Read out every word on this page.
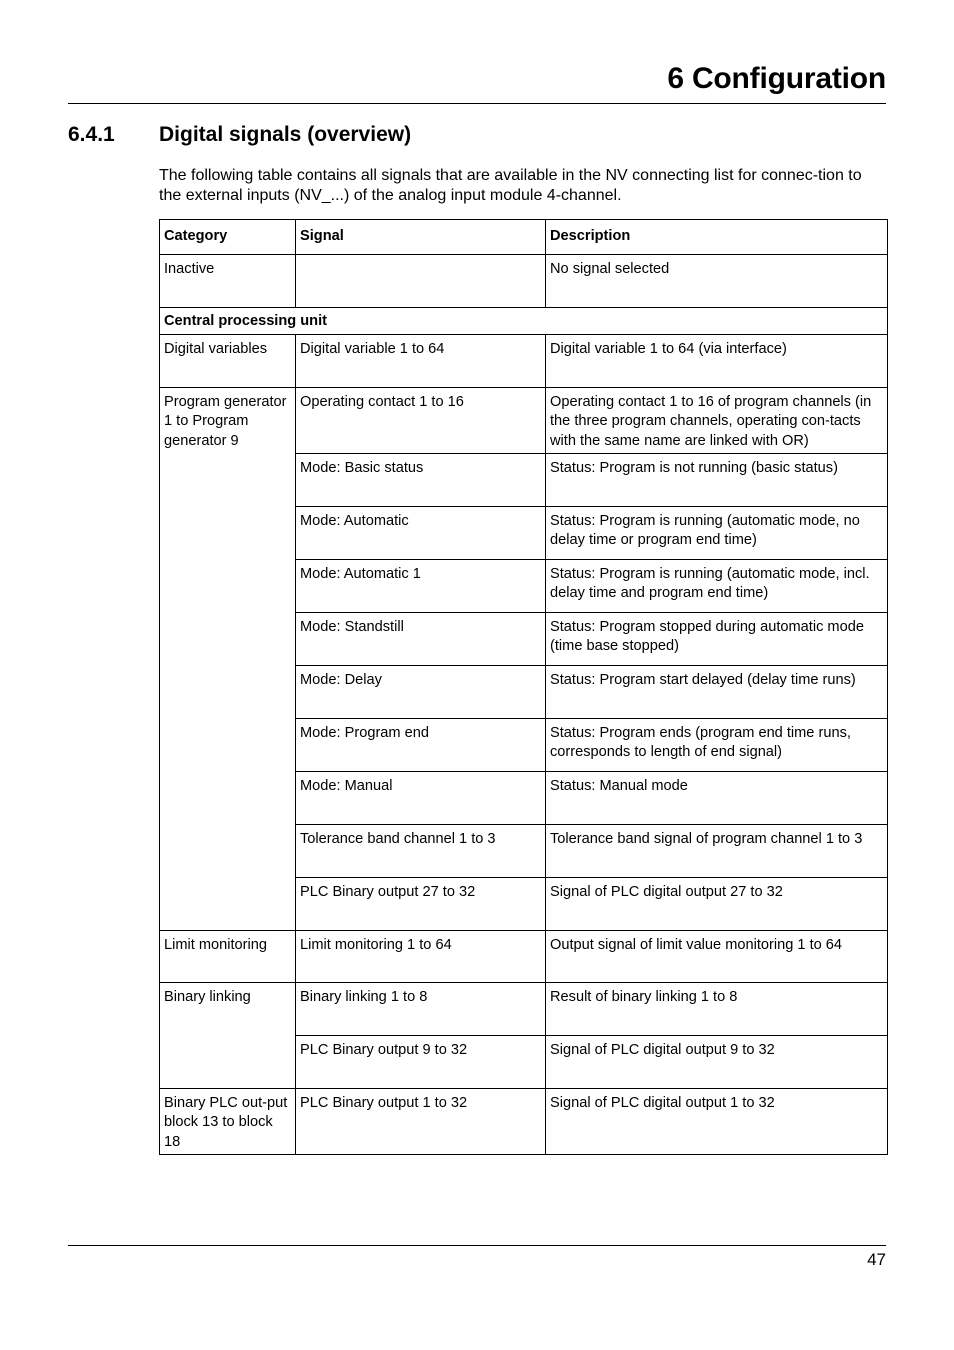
6 Configuration
6.4.1 Digital signals (overview)
The following table contains all signals that are available in the NV connecting list for connec-tion to the external inputs (NV_...) of the analog input module 4-channel.
Category	Signal	Description
Inactive		No signal selected
Central processing unit		
Digital variables	Digital variable 1 to 64	Digital variable 1 to 64 (via interface)
Program generator 1 to Program generator 9	Operating contact 1 to 16	Operating contact 1 to 16 of program channels (in the three program channels, operating con-tacts with the same name are linked with OR)
	Mode: Basic status	Status: Program is not running (basic status)
	Mode: Automatic	Status: Program is running (automatic mode, no delay time or program end time)
	Mode: Automatic 1	Status: Program is running (automatic mode, incl. delay time and program end time)
	Mode: Standstill	Status: Program stopped during automatic mode (time base stopped)
	Mode: Delay	Status: Program start delayed (delay time runs)
	Mode: Program end	Status: Program ends (program end time runs, corresponds to length of end signal)
	Mode: Manual	Status: Manual mode
	Tolerance band channel 1 to 3	Tolerance band signal of program channel 1 to 3
	PLC Binary output 27 to 32	Signal of PLC digital output 27 to 32
Limit monitoring	Limit monitoring 1 to 64	Output signal of limit value monitoring 1 to 64
Binary linking	Binary linking 1 to 8	Result of binary linking 1 to 8
	PLC Binary output 9 to 32	Signal of PLC digital output 9 to 32
Binary PLC out-put block 13 to block 18	PLC Binary output 1 to 32	Signal of PLC digital output 1 to 32
47
